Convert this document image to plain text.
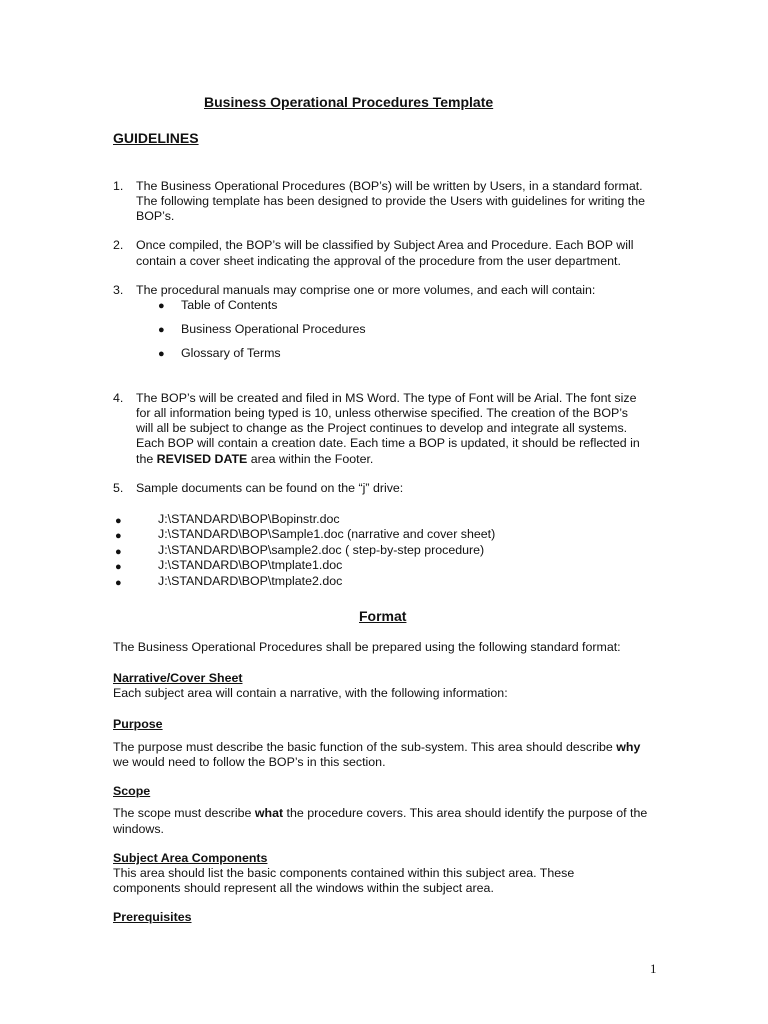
Business Operational Procedures Template

GUIDELINES

1. The Business Operational Procedures (BOP’s) will be written by Users, in a standard format.

The following template has been designed to provide the Users with guidelines for writing the

BOP’s.

2. Once compiled, the BOP’s will be classified by Subject Area and Procedure. Each BOP will

contain a cover sheet indicating the approval of the procedure from the user department.

3. The procedural manuals may comprise one or more volumes, and each will contain:

● Table of Contents

● Business Operational Procedures

● Glossary of Terms

4. The BOP’s will be created and filed in MS Word. The type of Font will be Arial. The font size

for all information being typed is 10, unless otherwise specified. The creation of the BOP’s

will all be subject to change as the Project continues to develop and integrate all systems.

Each BOP will contain a creation date. Each time a BOP is updated, it should be reflected in

the REVISED DATE area within the Footer.

5. Sample documents can be found on the “j” drive:

●	J:\STANDARD\BOP\Bopinstr.doc

●	J:\STANDARD\BOP\Sample1.doc (narrative and cover sheet)

●	J:\STANDARD\BOP\sample2.doc ( step-by-step procedure)

●	J:\STANDARD\BOP\tmplate1.doc

●	J:\STANDARD\BOP\tmplate2.doc

Format

The Business Operational Procedures shall be prepared using the following standard format:

Narrative/Cover Sheet

Each subject area will contain a narrative, with the following information:

Purpose

The purpose must describe the basic function of the sub-system. This area should describe why

we would need to follow the BOP’s in this section.

Scope

The scope must describe what the procedure covers. This area should identify the purpose of the

windows.

Subject Area Components

This area should list the basic components contained within this subject area. These

components should represent all the windows within the subject area.

Prerequisites

1
